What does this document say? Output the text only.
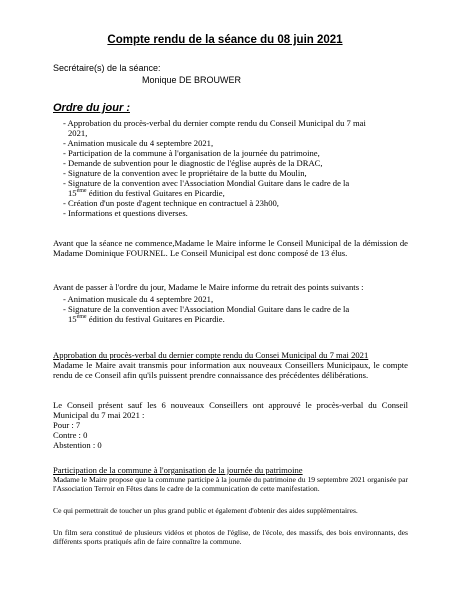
Compte rendu de la séance du 08 juin 2021
Secrétaire(s) de la séance:
Monique DE BROUWER
Ordre du jour :

- Approbation du procès-verbal du dernier compte rendu du Conseil Municipal du 7 mai

2021,

- Animation musicale du 4 septembre 2021,

- Participation de la commune à l'organisation de la journée du patrimoine,

- Demande de subvention pour le diagnostic de l'église auprès de la DRAC,

- Signature de la convention avec le propriétaire de la butte du Moulin,

- Signature de la convention avec l'Association Mondial Guitare dans le cadre de la

15ème édition du festival Guitares en Picardie,

- Création d'un poste d'agent technique en contractuel à 23h00,

- Informations et questions diverses.

Avant que la séance ne commence,Madame le Maire informe le Conseil Municipal de la démission de Madame Dominique FOURNEL. Le Conseil Municipal est donc composé de 13 élus.
Avant de passer à l'ordre du jour, Madame le Maire informe du retrait des points suivants :

- Animation musicale du 4 septembre 2021,

- Signature de la convention avec l'Association Mondial Guitare dans le cadre de la

15ème édition du festival Guitares en Picardie.

Approbation du procès-verbal du dernier compte rendu du Consei Municipal du 7 mai 2021

Madame le Maire avait transmis pour information aux nouveaux Conseillers Municipaux, le compte rendu de ce Conseil afin qu'ils puissent prendre connaissance des précédentes délibérations.

Le Conseil présent sauf les 6 nouveaux Conseillers ont approuvé le procès-verbal du Conseil Municipal du 7 mai 2021 :

Pour : 7

Contre : 0

Abstention : 0

Participation de la commune à l'organisation de la journée du patrimoine

Madame le Maire propose que la commune participe à la journée du patrimoine du 19 septembre 2021 organisée par l'Association Terroir en Fêtes dans le cadre de la communication de cette manifestation.

Ce qui permettrait de toucher un plus grand public et également d'obtenir des aides supplémentaires.
Un film sera constitué de plusieurs vidéos et photos de l'église, de l'école, des massifs, des bois environnants, des différents sports pratiqués afin de faire connaître la commune.
